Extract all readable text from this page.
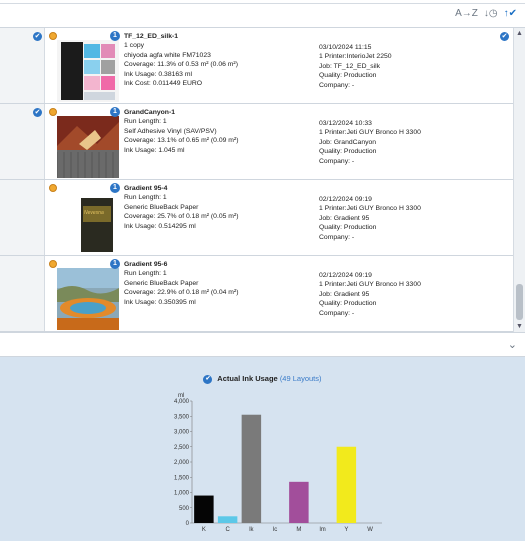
A→Z ↓◷ ↑✔
✔	1	TF_12_ED_silk-1
1 copy
chiyoda agfa white FM71023
Coverage: 11.3% of 0.53 m² (0.06 m²)
Ink Usage: 0.38163 ml
Ink Cost: 0.011449 EURO
03/10/2024 11:15
1 Printer:InterioJet 2250
Job: TF_12_ED_silk
Quality: Production
Company: -
✔
✔	1	GrandCanyon-1
Run Length: 1
Self Adhesive Vinyl (SAV/PSV)
Coverage: 13.1% of 0.65 m² (0.09 m²)
Ink Usage: 1.045 ml
03/12/2024 10:33
1 Printer:Jeti GUY Bronco H 3300
Job: GrandCanyon
Quality: Production
Company: -
Nevesna
1	Gradient 95-4
Run Length: 1
Generic BlueBack Paper
Coverage: 25.7% of 0.18 m² (0.05 m²)
Ink Usage: 0.514295 ml
02/12/2024 09:19
1 Printer:Jeti GUY Bronco H 3300
Job: Gradient 95
Quality: Production
Company: -
1	Gradient 95-6
Run Length: 1
Generic BlueBack Paper
Coverage: 22.9% of 0.18 m² (0.04 m²)
Ink Usage: 0.350395 ml
02/12/2024 09:19
1 Printer:Jeti GUY Bronco H 3300
Job: Gradient 95
Quality: Production
Company: -
▲
▼
⌄
✔ Actual Ink Usage (49 Layouts)
ml
0
500
1,000
1,500
2,000
2,500
3,000
3,500
4,000
K	C	lk	lc	M	lm	Y	W
